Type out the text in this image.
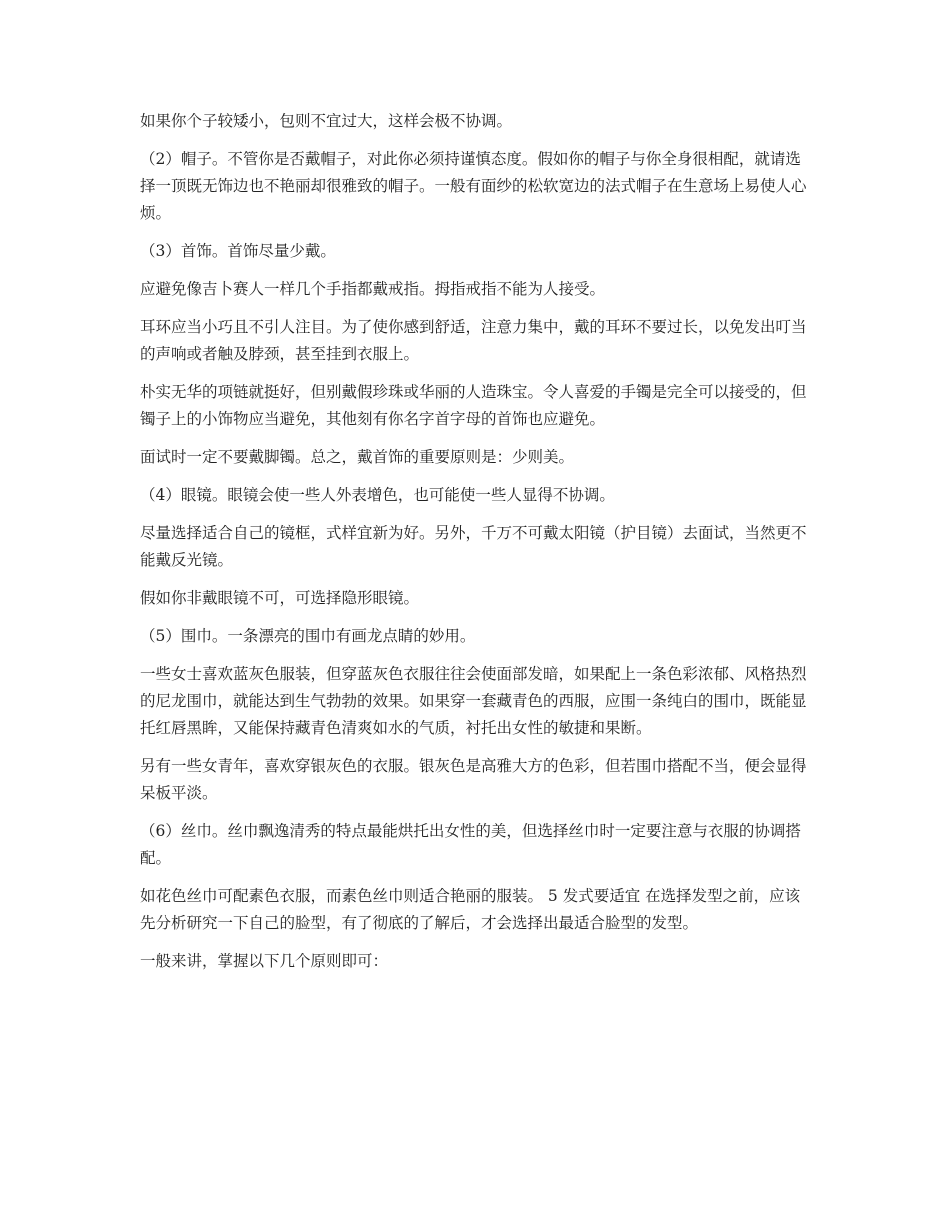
如果你个子较矮小，包则不宜过大，这样会极不协调。

（2）帽子。不管你是否戴帽子，对此你必须持谨慎态度。假如你的帽子与你全身很相配，就请选择一顶既无饰边也不艳丽却很雅致的帽子。一般有面纱的松软宽边的法式帽子在生意场上易使人心烦。

（3）首饰。首饰尽量少戴。

应避免像吉卜赛人一样几个手指都戴戒指。拇指戒指不能为人接受。

耳环应当小巧且不引人注目。为了使你感到舒适，注意力集中，戴的耳环不要过长，以免发出叮当的声响或者触及脖颈，甚至挂到衣服上。

朴实无华的项链就挺好，但别戴假珍珠或华丽的人造珠宝。令人喜爱的手镯是完全可以接受的，但镯子上的小饰物应当避免，其他刻有你名字首字母的首饰也应避免。

面试时一定不要戴脚镯。总之，戴首饰的重要原则是：少则美。

（4）眼镜。眼镜会使一些人外表增色，也可能使一些人显得不协调。

尽量选择适合自己的镜框，式样宜新为好。另外，千万不可戴太阳镜（护目镜）去面试，当然更不能戴反光镜。

假如你非戴眼镜不可，可选择隐形眼镜。

（5）围巾。一条漂亮的围巾有画龙点睛的妙用。

一些女士喜欢蓝灰色服装，但穿蓝灰色衣服往往会使面部发暗，如果配上一条色彩浓郁、风格热烈的尼龙围巾，就能达到生气勃勃的效果。如果穿一套藏青色的西服，应围一条纯白的围巾，既能显托红唇黑眸，又能保持藏青色清爽如水的气质，衬托出女性的敏捷和果断。

另有一些女青年，喜欢穿银灰色的衣服。银灰色是高雅大方的色彩，但若围巾搭配不当，便会显得呆板平淡。

（6）丝巾。丝巾飘逸清秀的特点最能烘托出女性的美，但选择丝巾时一定要注意与衣服的协调搭配。

如花色丝巾可配素色衣服，而素色丝巾则适合艳丽的服装。 5 发式要适宜 在选择发型之前，应该先分析研究一下自己的脸型，有了彻底的了解后，才会选择出最适合脸型的发型。

一般来讲，掌握以下几个原则即可：
